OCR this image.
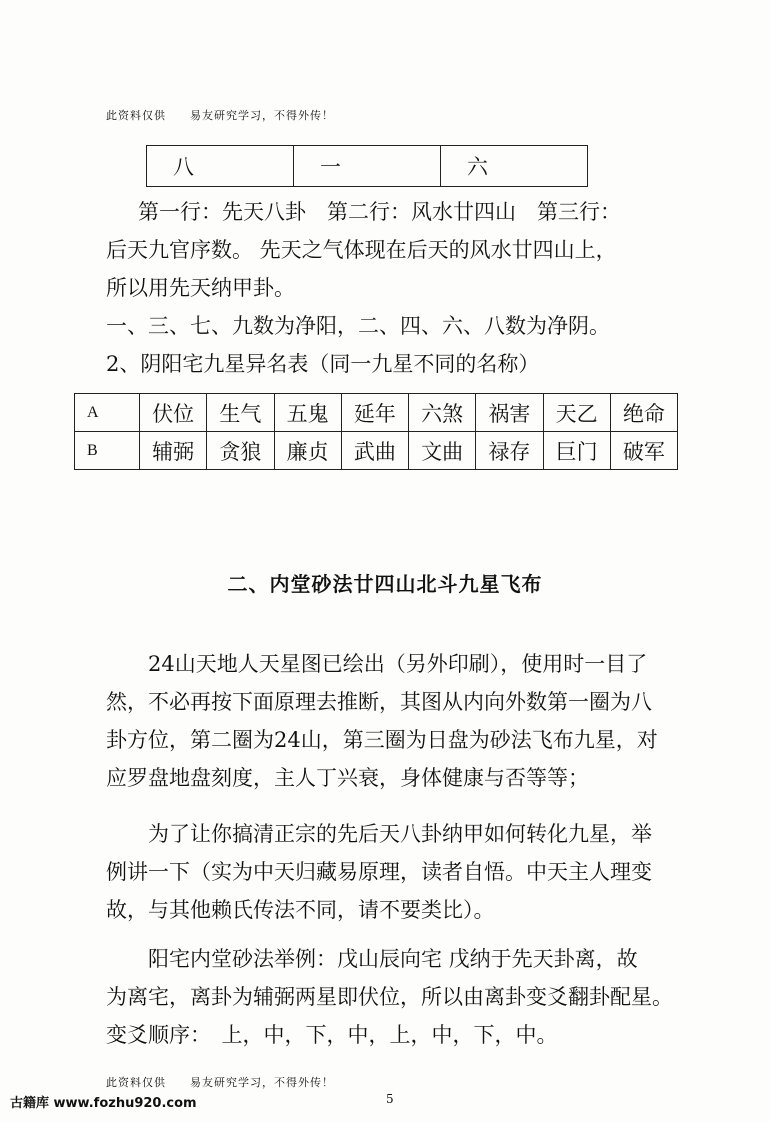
此资料仅供　　易友研究学习，不得外传！
八	一	六
第一行：先天八卦　第二行：风水廿四山　第三行：
后天九官序数。 先天之气体现在后天的风水廿四山上，
所以用先天纳甲卦。
一、三、七、九数为净阳，二、四、六、八数为净阴。
2、阴阳宅九星异名表（同一九星不同的名称）
A	伏位	生气	五鬼	延年	六煞	祸害	天乙	绝命
B	辅弼	贪狼	廉贞	武曲	文曲	禄存	巨门	破军
二、内堂砂法廿四山北斗九星飞布
24山天地人天星图已绘出（另外印刷），使用时一目了
然，不必再按下面原理去推断，其图从内向外数第一圈为八
卦方位，第二圈为24山，第三圈为日盘为砂法飞布九星，对
应罗盘地盘刻度，主人丁兴衰，身体健康与否等等；
为了让你搞清正宗的先后天八卦纳甲如何转化九星，举
例讲一下（实为中天归藏易原理，读者自悟。中天主人理变
故，与其他赖氏传法不同，请不要类比）。
阳宅内堂砂法举例：戊山辰向宅 戊纳于先天卦离，故
为离宅，离卦为辅弼两星即伏位，所以由离卦变爻翻卦配星。
变爻顺序：　上，中，下，中，上，中，下，中。
此资料仅供　　易友研究学习，不得外传！
5
古籍库 www.fozhu920.com
